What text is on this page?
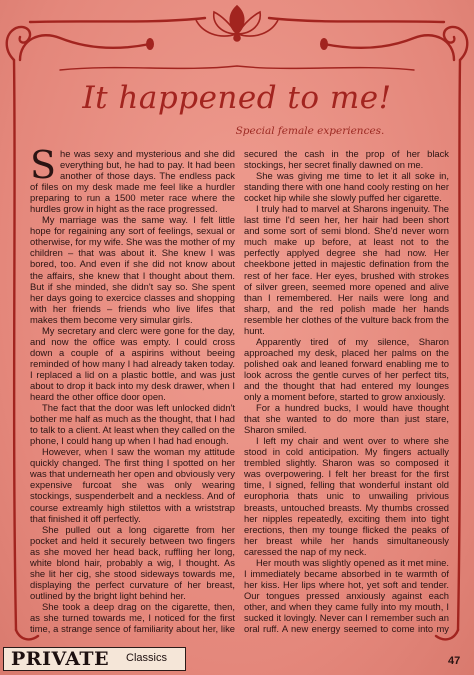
It happened to me!
Special female experiences.

She was sexy and mysterious and she did everything but, he had to pay. It had been another of those days. The endless pack of files on my desk made me feel like a hurdler preparing to run a 1500 meter race where the hurdles grow in hight as the race progressed.

My marriage was the same way. I felt little hope for regaining any sort of feelings, sexual or otherwise, for my wife. She was the mother of my children – that was about it. She knew I was bored, too. And even if she did not know about the affairs, she knew that I thought about them. But if she minded, she didn't say so. She spent her days going to exercice classes and shopping with her friends – friends who live lifes that makes them become very simular girls.

My secretary and clerc were gone for the day, and now the office was empty. I could cross down a couple of a aspirins without beeing reminded of how many I had already taken today. I replaced a lid on a plastic bottle, and was just about to drop it back into my desk drawer, when I heard the other office door open.

The fact that the door was left unlocked didn't bother me half as much as the thought, that I had to talk to a client. At least when they called on the phone, I could hang up when I had had enough.

However, when I saw the woman my attitude quickly changed. The first thing I spotted on her was that underneath her open and obviously very expensive furcoat she was only wearing stockings, suspenderbelt and a neckless. And of course extreamly high stilettos with a wriststrap that finished it off perfectly.

She pulled out a long cigarette from her pocket and held it securely between two fingers as she moved her head back, ruffling her long, white blond hair, probably a wig, I thought. As she lit her cig, she stood sideways towards me, displaying the perfect curvature of her breast, outlined by the bright light behind her.

She took a deep drag on the cigarette, then, as she turned towards me, I noticed for the first time, a strange sence of familiarity about her, like

secured the cash in the prop of her black stockings, her secret finally dawned on me.

She was giving me time to let it all soke in, standing there with one hand cooly resting on her cocket hip while she slowly puffed her cigarette.

I truly had to marvel at Sharons ingenuity. The last time I'd seen her, her hair had been short and some sort of semi blond. She'd never worn much make up before, at least not to the perfectly applyed degree she had now. Her cheekbone jetted in majestic defination from the rest of her face. Her eyes, brushed with strokes of silver green, seemed more opened and alive than I remembered. Her nails were long and sharp, and the red polish made her hands resemble her clothes of the vulture back from the hunt.

Apparently tired of my silence, Sharon approached my desk, placed her palms on the polished oak and leaned forward enabling me to look across the gentle curves of her perfect tits, and the thought that had entered my lounges only a moment before, started to grow anxiously.

For a hundred bucks, I would have thought that she wanted to do more than just stare, Sharon smiled.

I left my chair and went over to where she stood in cold anticipation. My fingers actually trembled slightly. Sharon was so composed it was overpowering. I felt her breast for the first time, I signed, felling that wonderful instant old europhoria thats unic to unwailing privious breasts, untouched breasts. My thumbs crossed her nipples repeatedly, exciting them into tight erections, then my tounge flicked the peaks of her breast while her hands simultaneously caressed the nap of my neck.

Her mouth was slightly opened as it met mine. I immediately became absorbed in te warmth of her kiss. Her lips where hot, yet soft and tender. Our tongues pressed anxiously against each other, and when they came fully into my mouth, I sucked it lovingly. Never can I remember such an oral ruff. A new energy seemed to come into my

PRIVATE Classics	47
